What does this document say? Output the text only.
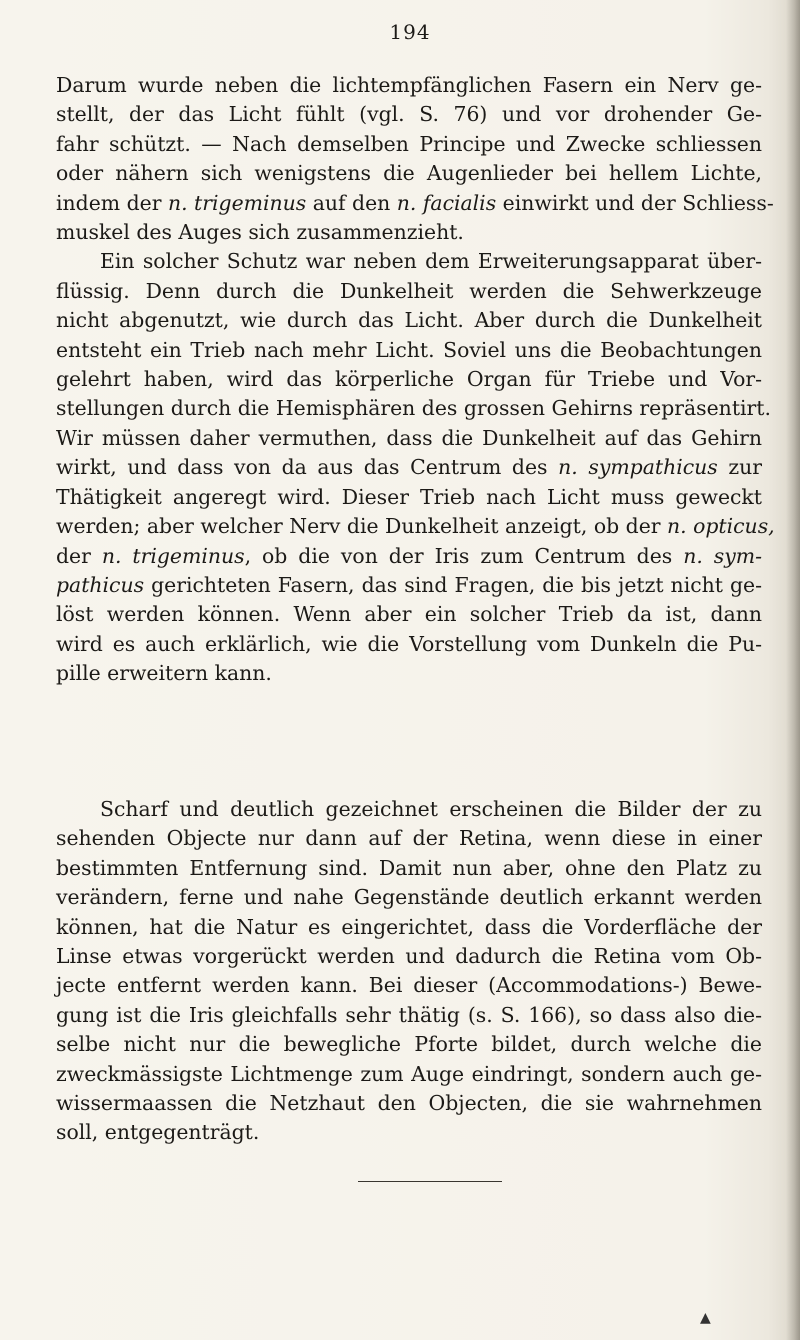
194
Darum wurde neben die lichtempfänglichen Fasern ein Nerv ge-
stellt, der das Licht fühlt (vgl. S. 76) und vor drohender Ge-
fahr schützt. — Nach demselben Principe und Zwecke schliessen
oder nähern sich wenigstens die Augenlieder bei hellem Lichte,
indem der n. trigeminus auf den n. facialis einwirkt und der Schliess-
muskel des Auges sich zusammenzieht.
Ein solcher Schutz war neben dem Erweiterungsapparat über-
flüssig. Denn durch die Dunkelheit werden die Sehwerkzeuge
nicht abgenutzt, wie durch das Licht. Aber durch die Dunkelheit
entsteht ein Trieb nach mehr Licht. Soviel uns die Beobachtungen
gelehrt haben, wird das körperliche Organ für Triebe und Vor-
stellungen durch die Hemisphären des grossen Gehirns repräsentirt.
Wir müssen daher vermuthen, dass die Dunkelheit auf das Gehirn
wirkt, und dass von da aus das Centrum des n. sympathicus zur
Thätigkeit angeregt wird. Dieser Trieb nach Licht muss geweckt
werden; aber welcher Nerv die Dunkelheit anzeigt, ob der n. opticus,
der n. trigeminus, ob die von der Iris zum Centrum des n. sym-
pathicus gerichteten Fasern, das sind Fragen, die bis jetzt nicht ge-
löst werden können. Wenn aber ein solcher Trieb da ist, dann
wird es auch erklärlich, wie die Vorstellung vom Dunkeln die Pu-
pille erweitern kann.
Scharf und deutlich gezeichnet erscheinen die Bilder der zu
sehenden Objecte nur dann auf der Retina, wenn diese in einer
bestimmten Entfernung sind. Damit nun aber, ohne den Platz zu
verändern, ferne und nahe Gegenstände deutlich erkannt werden
können, hat die Natur es eingerichtet, dass die Vorderfläche der
Linse etwas vorgerückt werden und dadurch die Retina vom Ob-
jecte entfernt werden kann. Bei dieser (Accommodations-) Bewe-
gung ist die Iris gleichfalls sehr thätig (s. S. 166), so dass also die-
selbe nicht nur die bewegliche Pforte bildet, durch welche die
zweckmässigste Lichtmenge zum Auge eindringt, sondern auch ge-
wissermaassen die Netzhaut den Objecten, die sie wahrnehmen
soll, entgegenträgt.
▲
